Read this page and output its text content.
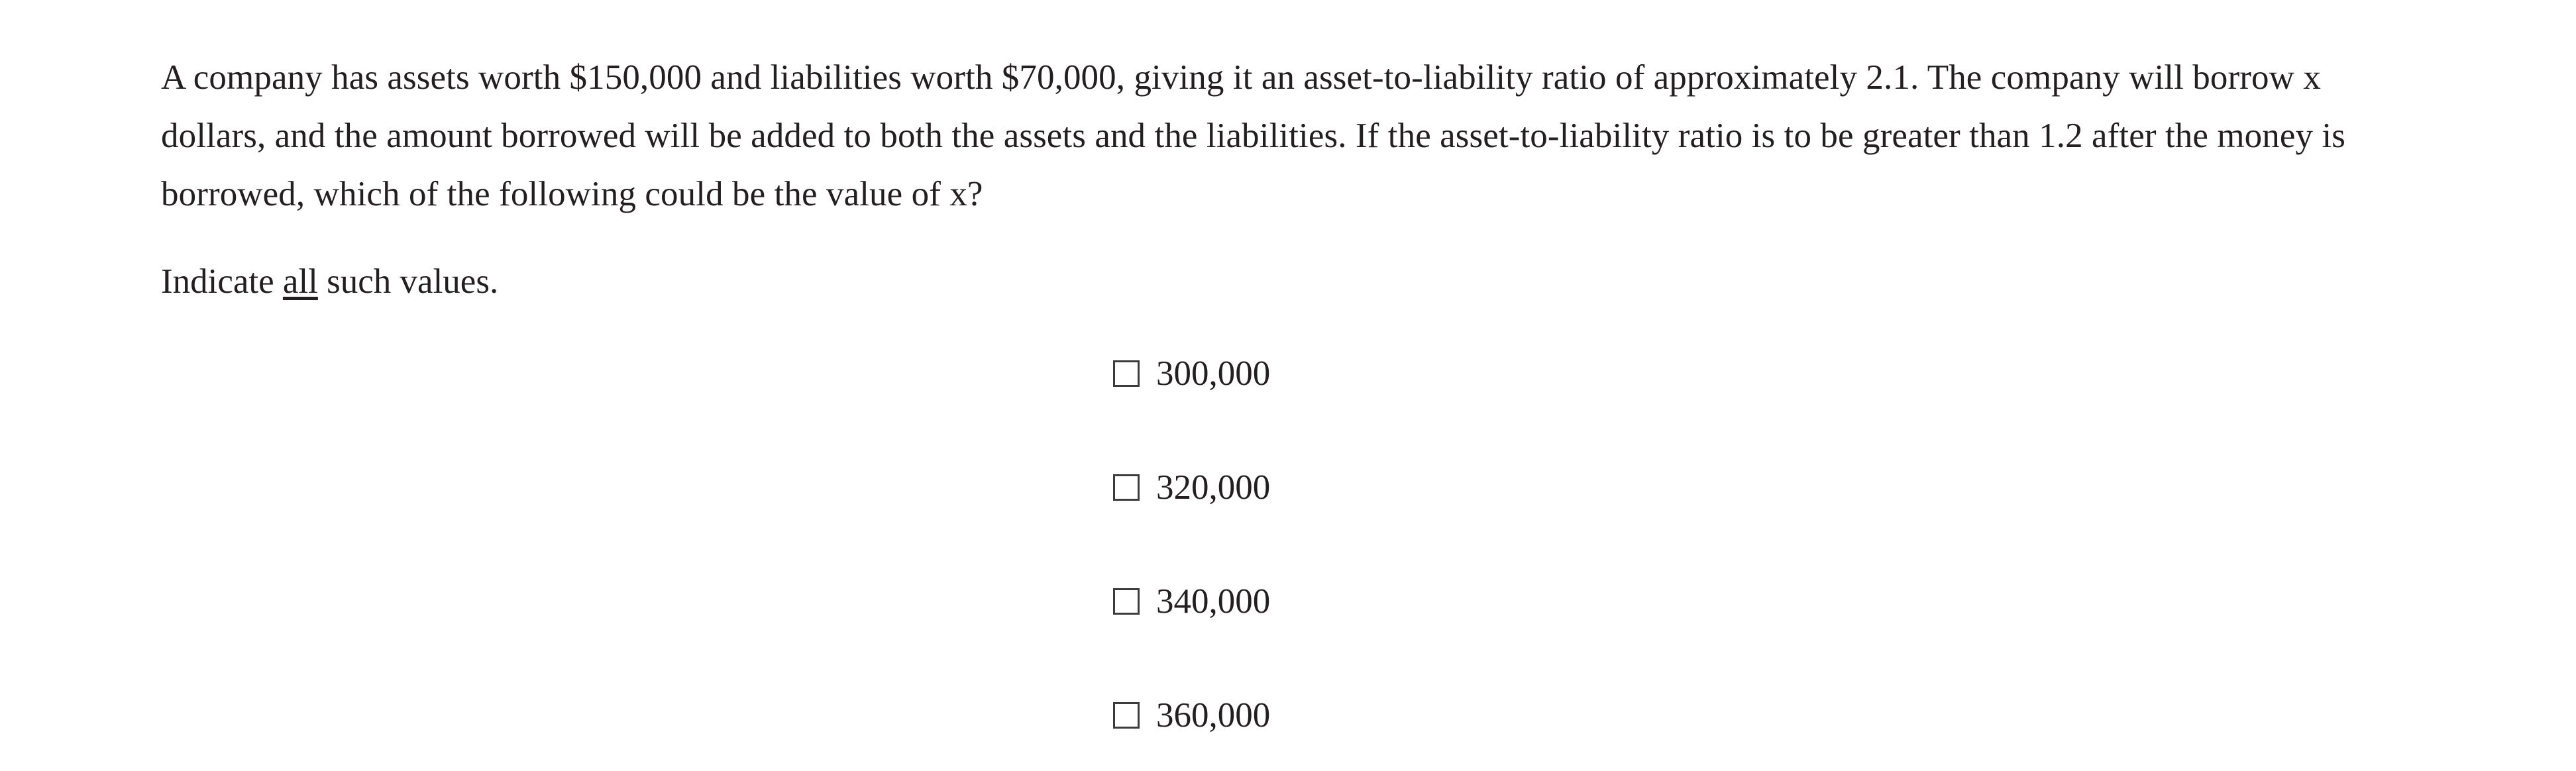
A company has assets worth $150,000 and liabilities worth $70,000, giving it an asset-to-liability ratio of approximately 2.1. The company will borrow x dollars, and the amount borrowed will be added to both the assets and the liabilities. If the asset-to-liability ratio is to be greater than 1.2 after the money is borrowed, which of the following could be the value of x?

Indicate all such values.

300,000
320,000
340,000
360,000
